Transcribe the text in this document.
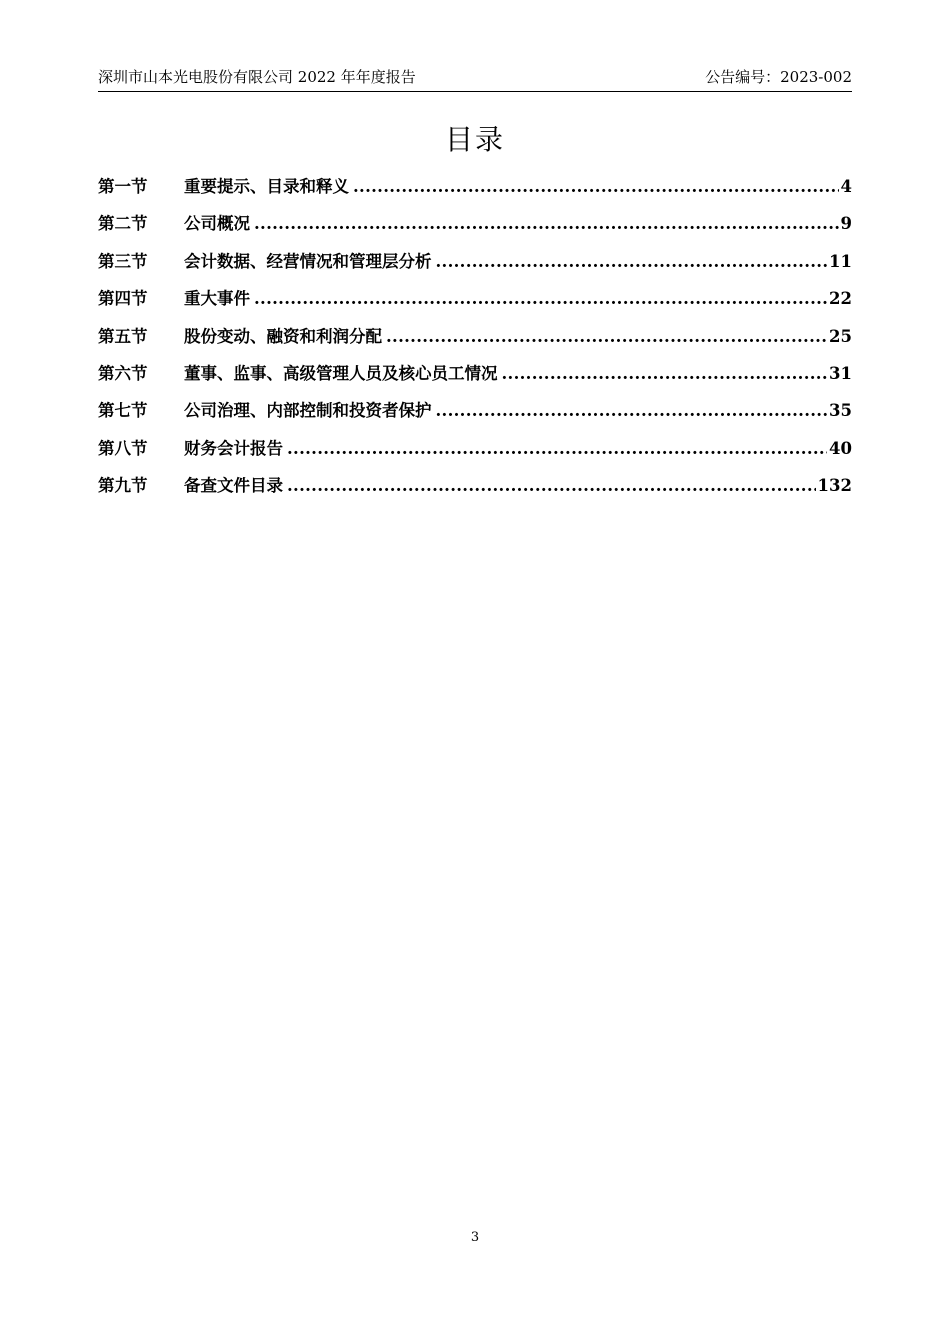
深圳市山本光电股份有限公司 2022 年年度报告	公告编号：2023-002
目录
第一节	重要提示、目录和释义 .....	4
第二节	公司概况 .....	9
第三节	会计数据、经营情况和管理层分析 .....	11
第四节	重大事件 .....	22
第五节	股份变动、融资和利润分配 .....	25
第六节	董事、监事、高级管理人员及核心员工情况 .....	31
第七节	公司治理、内部控制和投资者保护 .....	35
第八节	财务会计报告 .....	40
第九节	备查文件目录 .....	132
3
